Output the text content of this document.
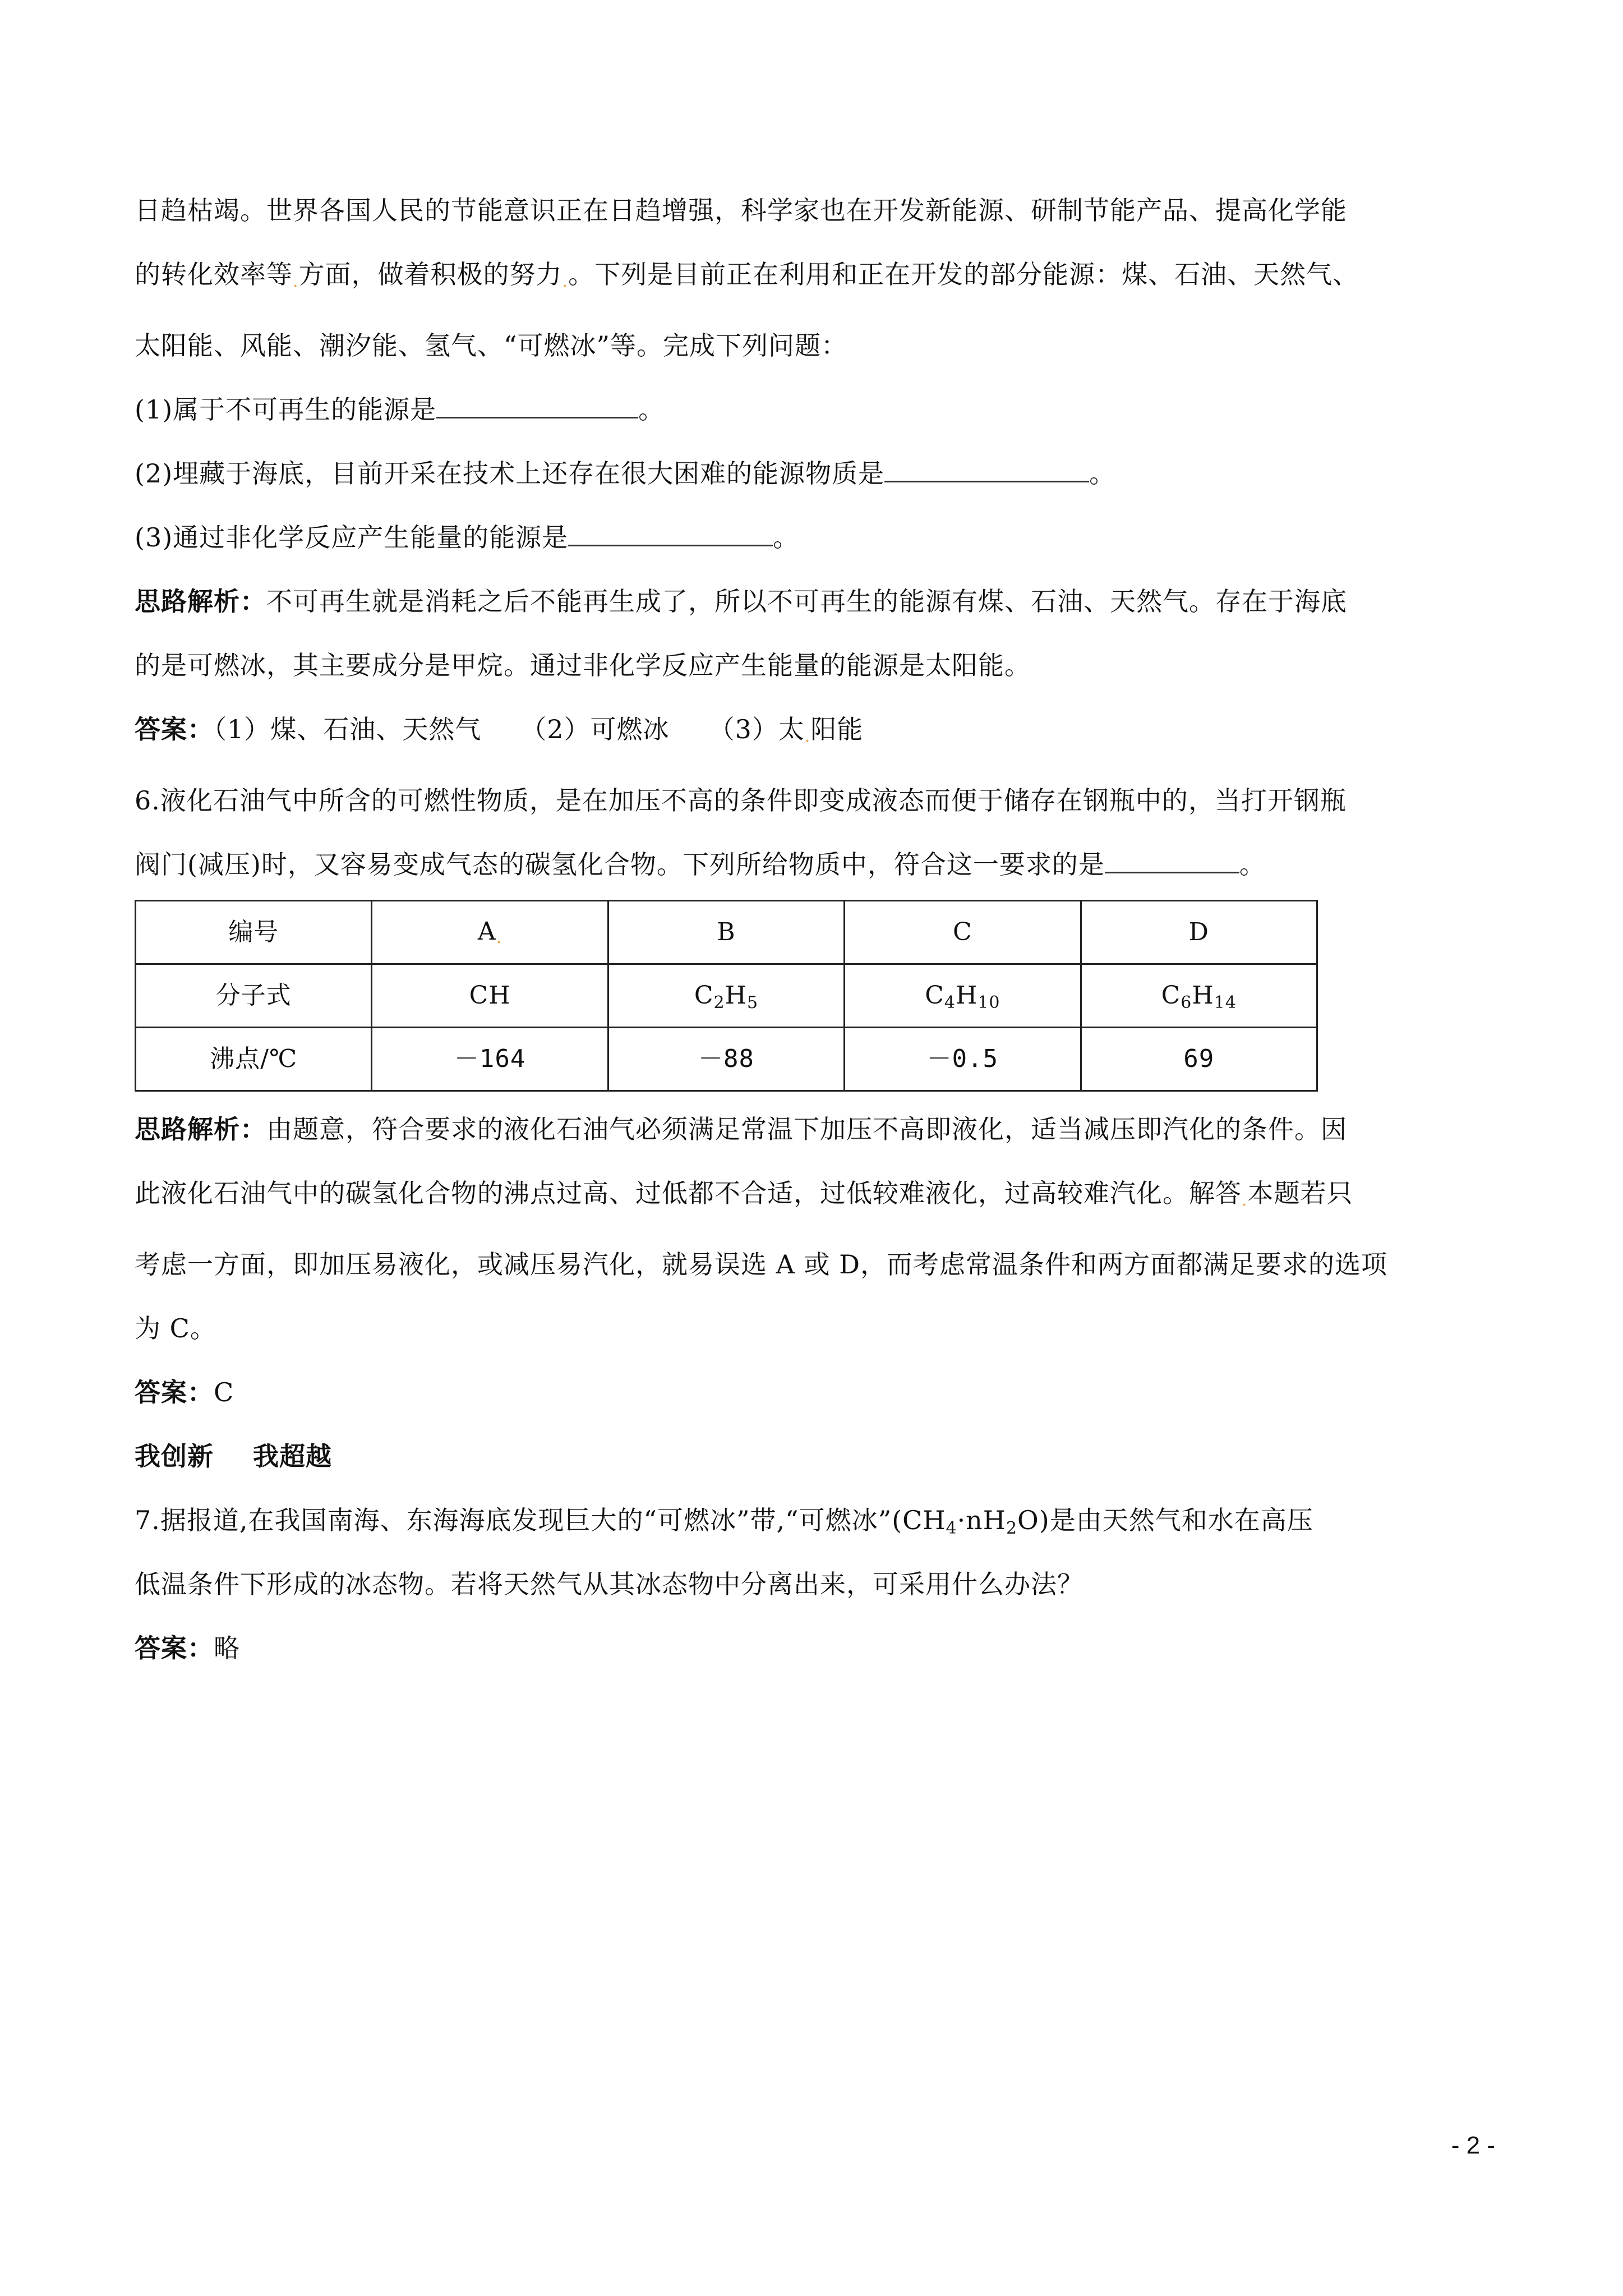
日趋枯竭。世界各国人民的节能意识正在日趋增强，科学家也在开发新能源、研制节能产品、提高化学能

的转化效率等.方面，做着积极的努力.。下列是目前正在利用和正在开发的部分能源：煤、石油、天然气、

太阳能、风能、潮汐能、氢气、“可燃冰”等。完成下列问题：

(1)属于不可再生的能源是	。

(2)埋藏于海底，目前开采在技术上还存在很大困难的能源物质是	。

(3)通过非化学反应产生能量的能源是	。

思路解析：不可再生就是消耗之后不能再生成了，所以不可再生的能源有煤、石油、天然气。存在于海底

的是可燃冰，其主要成分是甲烷。通过非化学反应产生能量的能源是太阳能。

答案：（1）煤、石油、天然气 （2）可燃冰 （3）太.阳能

6.液化石油气中所含的可燃性物质，是在加压不高的条件即变成液态而便于储存在钢瓶中的，当打开钢瓶

阀门(减压)时，又容易变成气态的碳氢化合物。下列所给物质中，符合这一要求的是	。

编号	A.	B	C	D
分子式	CH	$C_2H_5$	$C_4H_{10}$	$C_6H_{14}$
沸点/℃	－164	－88	－0.5	69

思路解析：由题意，符合要求的液化石油气必须满足常温下加压不高即液化，适当减压即汽化的条件。因

此液化石油气中的碳氢化合物的沸点过高、过低都不合适，过低较难液化，过高较难汽化。解答.本题若只

考虑一方面，即加压易液化，或减压易汽化，就易误选 A 或 D，而考虑常温条件和两方面都满足要求的选项

为 C。

答案：C

我创新 我超越

7.据报道,在我国南海、东海海底发现巨大的“可燃冰”带,“可燃冰$”(CH_4\cdot nH_2O)$是由天然气和水在高压

低温条件下形成的冰态物。若将天然气从其冰态物中分离出来，可采用什么办法？

答案：略

- 2 -
